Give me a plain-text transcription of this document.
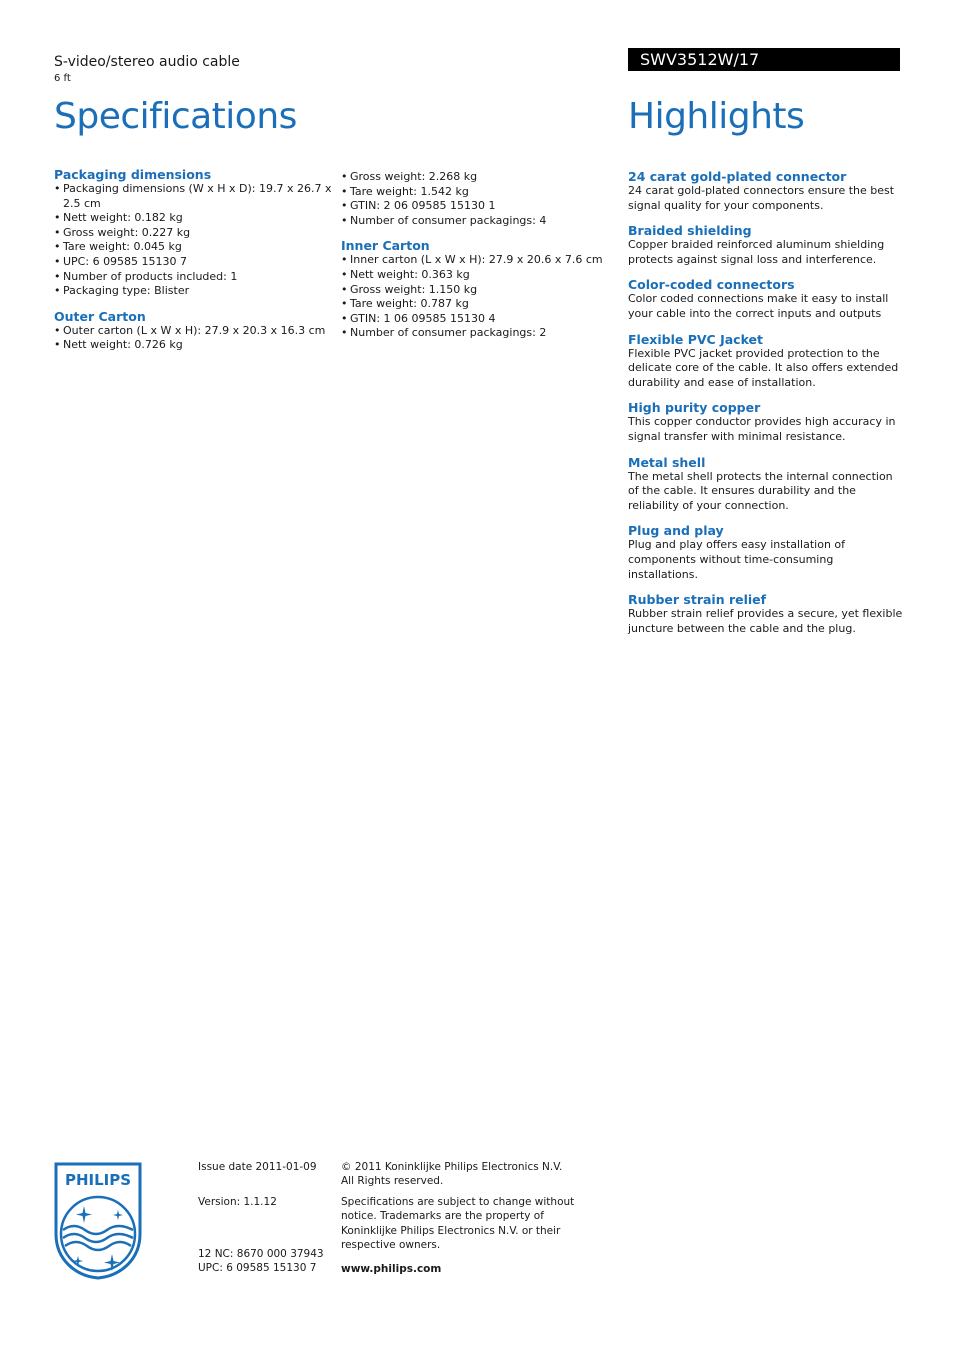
S-video/stereo audio cable
6 ft
Specifications
SWV3512W/17
Highlights
Packaging dimensions
• Packaging dimensions (W x H x D): 19.7 x 26.7 x 2.5 cm
• Nett weight: 0.182 kg
• Gross weight: 0.227 kg
• Tare weight: 0.045 kg
• UPC: 6 09585 15130 7
• Number of products included: 1
• Packaging type: Blister
Outer Carton
• Outer carton (L x W x H): 27.9 x 20.3 x 16.3 cm
• Nett weight: 0.726 kg
• Gross weight: 2.268 kg
• Tare weight: 1.542 kg
• GTIN: 2 06 09585 15130 1
• Number of consumer packagings: 4
Inner Carton
• Inner carton (L x W x H): 27.9 x 20.6 x 7.6 cm
• Nett weight: 0.363 kg
• Gross weight: 1.150 kg
• Tare weight: 0.787 kg
• GTIN: 1 06 09585 15130 4
• Number of consumer packagings: 2
24 carat gold-plated connector
24 carat gold-plated connectors ensure the best signal quality for your components.
Braided shielding
Copper braided reinforced aluminum shielding protects against signal loss and interference.
Color-coded connectors
Color coded connections make it easy to install your cable into the correct inputs and outputs
Flexible PVC Jacket
Flexible PVC jacket provided protection to the delicate core of the cable. It also offers extended durability and ease of installation.
High purity copper
This copper conductor provides high accuracy in signal transfer with minimal resistance.
Metal shell
The metal shell protects the internal connection of the cable. It ensures durability and the reliability of your connection.
Plug and play
Plug and play offers easy installation of components without time-consuming installations.
Rubber strain relief
Rubber strain relief provides a secure, yet flexible juncture between the cable and the plug.
PHILIPS
Issue date 2011-01-09
Version: 1.1.12
12 NC: 8670 000 37943
UPC: 6 09585 15130 7
© 2011 Koninklijke Philips Electronics N.V.
All Rights reserved.
Specifications are subject to change without notice. Trademarks are the property of Koninklijke Philips Electronics N.V. or their respective owners.
www.philips.com
